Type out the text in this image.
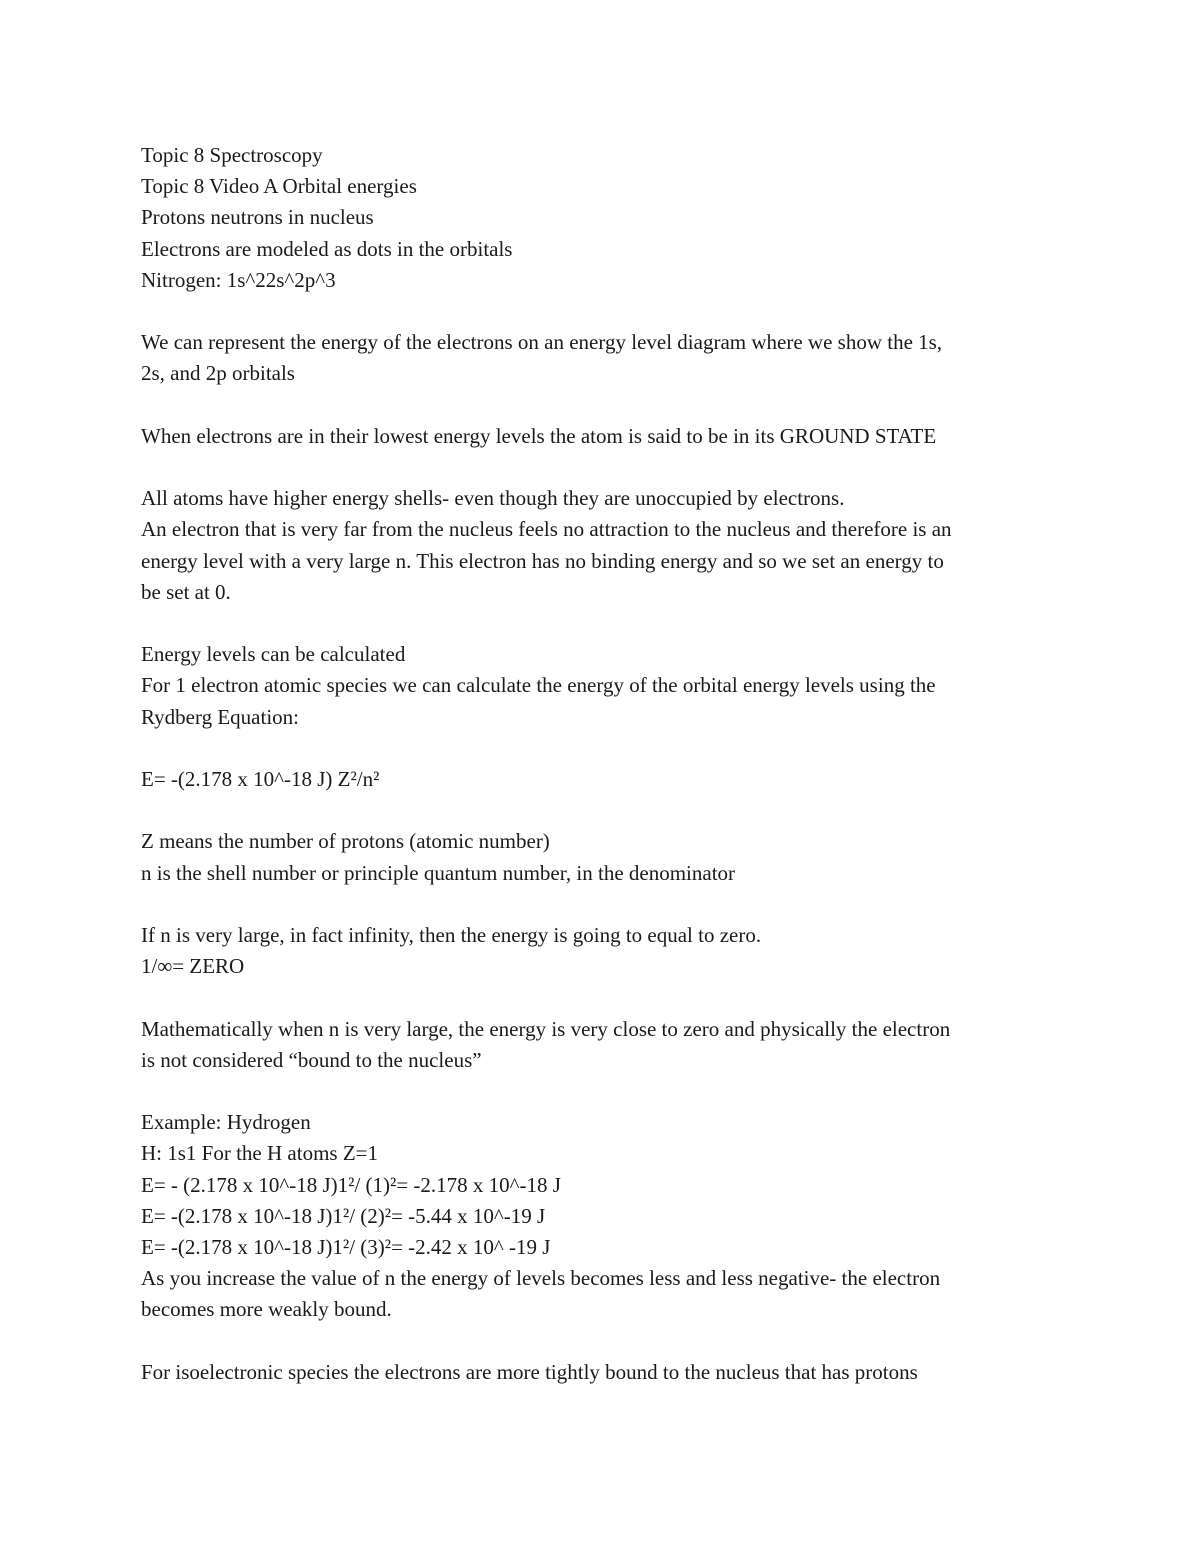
Topic 8 Spectroscopy
Topic 8 Video A Orbital energies
Protons neutrons in nucleus
Electrons are modeled as dots in the orbitals
Nitrogen: 1s^22s^2p^3
We can represent the energy of the electrons on an energy level diagram where we show the 1s,
2s, and 2p orbitals
When electrons are in their lowest energy levels the atom is said to be in its GROUND STATE
All atoms have higher energy shells- even though they are unoccupied by electrons.
An electron that is very far from the nucleus feels no attraction to the nucleus and therefore is an
energy level with a very large n. This electron has no binding energy and so we set an energy to
be set at 0.
Energy levels can be calculated
For 1 electron atomic species we can calculate the energy of the orbital energy levels using the
Rydberg Equation:
E= -(2.178 x 10^-18 J) Z²/n²
Z means the number of protons (atomic number)
n is the shell number or principle quantum number, in the denominator
If n is very large, in fact infinity, then the energy is going to equal to zero.
1/∞= ZERO
Mathematically when n is very large, the energy is very close to zero and physically the electron
is not considered “bound to the nucleus”
Example: Hydrogen
H: 1s1 For the H atoms Z=1
E= - (2.178 x 10^-18 J)1²/ (1)²= -2.178 x 10^-18 J
E= -(2.178 x 10^-18 J)1²/ (2)²= -5.44 x 10^-19 J
E= -(2.178 x 10^-18 J)1²/ (3)²= -2.42 x 10^ -19 J
As you increase the value of n the energy of levels becomes less and less negative- the electron
becomes more weakly bound.
For isoelectronic species the electrons are more tightly bound to the nucleus that has protons
